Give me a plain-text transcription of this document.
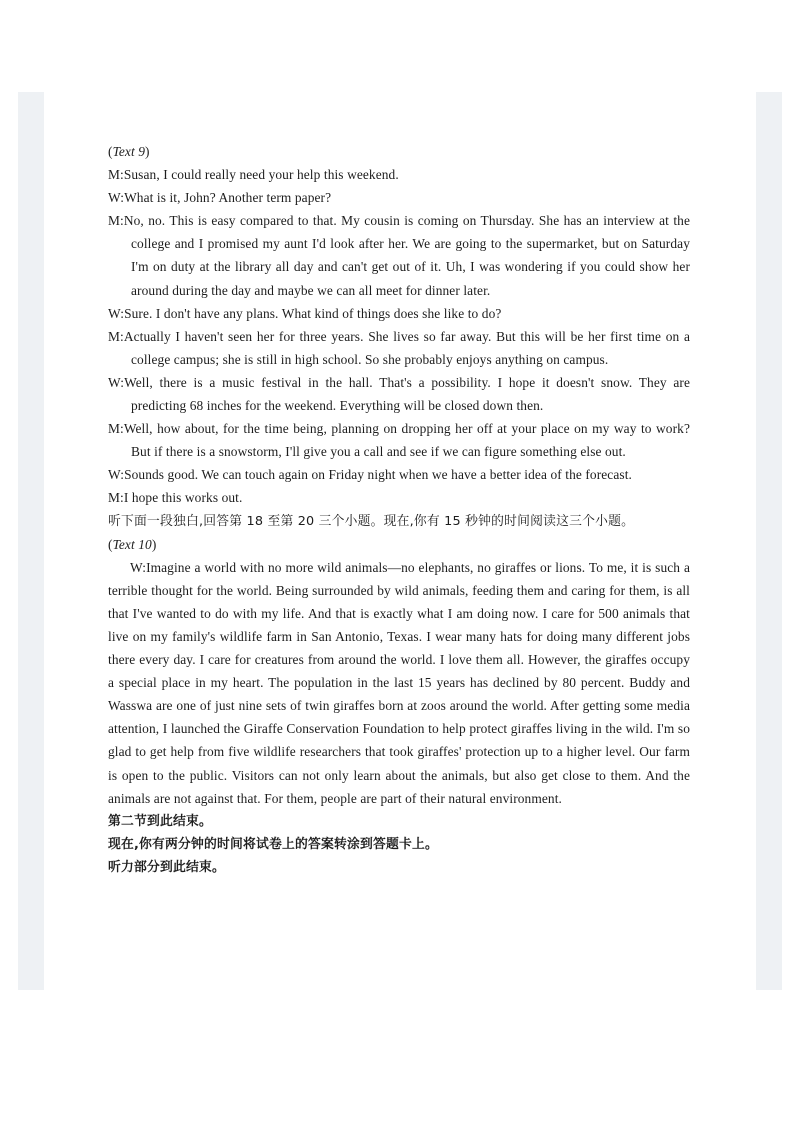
(Text 9)
M:Susan, I could really need your help this weekend.
W:What is it, John? Another term paper?
M:No, no. This is easy compared to that. My cousin is coming on Thursday. She has an interview at the college and I promised my aunt I'd look after her. We are going to the supermarket, but on Saturday I'm on duty at the library all day and can't get out of it. Uh, I was wondering if you could show her around during the day and maybe we can all meet for dinner later.
W:Sure. I don't have any plans. What kind of things does she like to do?
M:Actually I haven't seen her for three years. She lives so far away. But this will be her first time on a college campus; she is still in high school. So she probably enjoys anything on campus.
W:Well, there is a music festival in the hall. That's a possibility. I hope it doesn't snow. They are predicting 68 inches for the weekend. Everything will be closed down then.
M:Well, how about, for the time being, planning on dropping her off at your place on my way to work? But if there is a snowstorm, I'll give you a call and see if we can figure something else out.
W:Sounds good. We can touch again on Friday night when we have a better idea of the forecast.
M:I hope this works out.
听下面一段独白,回答第 18 至第 20 三个小题。现在,你有 15 秒钟的时间阅读这三个小题。
(Text 10)
W:Imagine a world with no more wild animals—no elephants, no giraffes or lions. To me, it is such a terrible thought for the world. Being surrounded by wild animals, feeding them and caring for them, is all that I've wanted to do with my life. And that is exactly what I am doing now. I care for 500 animals that live on my family's wildlife farm in San Antonio, Texas. I wear many hats for doing many different jobs there every day. I care for creatures from around the world. I love them all. However, the giraffes occupy a special place in my heart. The population in the last 15 years has declined by 80 percent. Buddy and Wasswa are one of just nine sets of twin giraffes born at zoos around the world. After getting some media attention, I launched the Giraffe Conservation Foundation to help protect giraffes living in the wild. I'm so glad to get help from five wildlife researchers that took giraffes' protection up to a higher level. Our farm is open to the public. Visitors can not only learn about the animals, but also get close to them. And the animals are not against that. For them, people are part of their natural environment.
第二节到此结束。
现在,你有两分钟的时间将试卷上的答案转涂到答题卡上。
听力部分到此结束。
